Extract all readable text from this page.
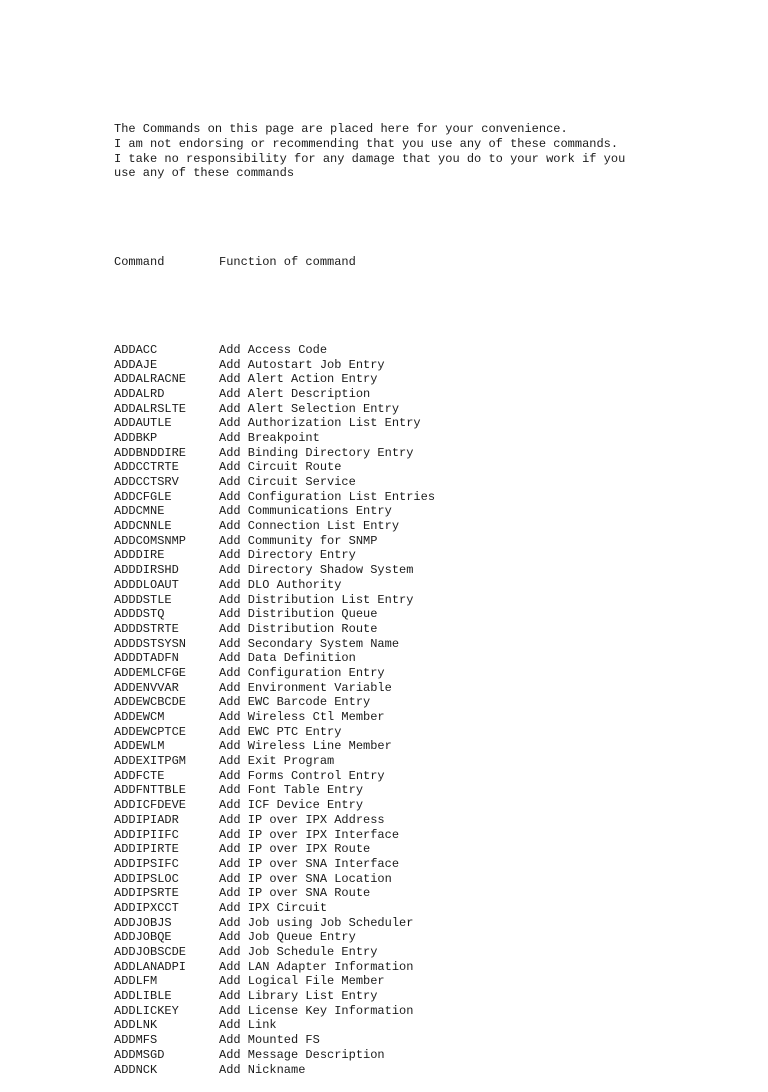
The Commands on this page are placed here for your convenience.
I am not endorsing or recommending that you use any of these commands.
I take no responsibility for any damage that you do to your work if you
use any of these commands

Command	Function of command

ADDACC	Add Access Code
ADDAJE	Add Autostart Job Entry
ADDALRACNE	Add Alert Action Entry
ADDALRD	Add Alert Description
ADDALRSLTE	Add Alert Selection Entry
ADDAUTLE	Add Authorization List Entry
ADDBKP	Add Breakpoint
ADDBNDDIRE	Add Binding Directory Entry
ADDCCTRTE	Add Circuit Route
ADDCCTSRV	Add Circuit Service
ADDCFGLE	Add Configuration List Entries
ADDCMNE	Add Communications Entry
ADDCNNLE	Add Connection List Entry
ADDCOMSNMP	Add Community for SNMP
ADDDIRE	Add Directory Entry
ADDDIRSHD	Add Directory Shadow System
ADDDLOAUT	Add DLO Authority
ADDDSTLE	Add Distribution List Entry
ADDDSTQ	Add Distribution Queue
ADDDSTRTE	Add Distribution Route
ADDDSTSYSN	Add Secondary System Name
ADDDTADFN	Add Data Definition
ADDEMLCFGE	Add Configuration Entry
ADDENVVAR	Add Environment Variable
ADDEWCBCDE	Add EWC Barcode Entry
ADDEWCM	Add Wireless Ctl Member
ADDEWCPTCE	Add EWC PTC Entry
ADDEWLM	Add Wireless Line Member
ADDEXITPGM	Add Exit Program
ADDFCTE	Add Forms Control Entry
ADDFNTTBLE	Add Font Table Entry
ADDICFDEVE	Add ICF Device Entry
ADDIPIADR	Add IP over IPX Address
ADDIPIIFC	Add IP over IPX Interface
ADDIPIRTE	Add IP over IPX Route
ADDIPSIFC	Add IP over SNA Interface
ADDIPSLOC	Add IP over SNA Location
ADDIPSRTE	Add IP over SNA Route
ADDIPXCCT	Add IPX Circuit
ADDJOBJS	Add Job using Job Scheduler
ADDJOBQE	Add Job Queue Entry
ADDJOBSCDE	Add Job Schedule Entry
ADDLANADPI	Add LAN Adapter Information
ADDLFM	Add Logical File Member
ADDLIBLE	Add Library List Entry
ADDLICKEY	Add License Key Information
ADDLNK	Add Link
ADDMFS	Add Mounted FS
ADDMSGD	Add Message Description
ADDNCK	Add Nickname
